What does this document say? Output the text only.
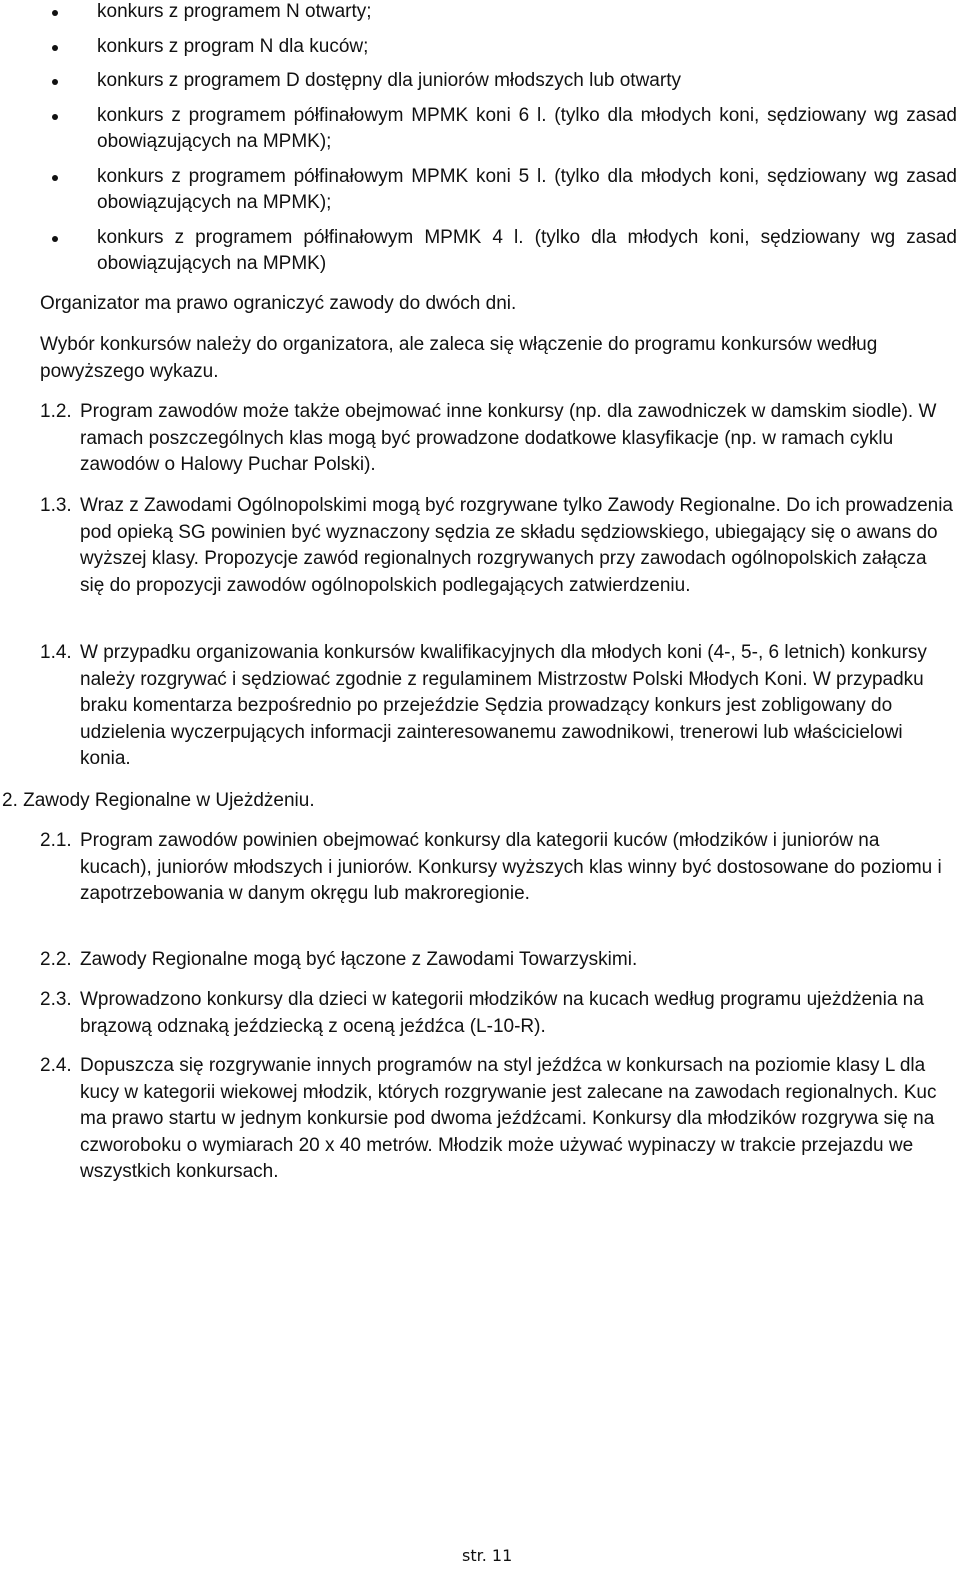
konkurs z programem N otwarty;
konkurs z program N dla kuców;
konkurs z programem D dostępny dla juniorów młodszych lub otwarty
konkurs z programem półfinałowym MPMK koni 6 l. (tylko dla młodych koni, sędziowany wg zasad obowiązujących na MPMK);
konkurs z programem półfinałowym MPMK koni 5 l. (tylko dla młodych koni, sędziowany wg zasad obowiązujących na MPMK);
konkurs z programem półfinałowym MPMK 4 l. (tylko dla młodych koni, sędziowany wg zasad obowiązujących na MPMK)
Organizator ma prawo ograniczyć zawody do dwóch dni.
Wybór konkursów należy do organizatora, ale zaleca się włączenie do programu konkursów według powyższego wykazu.
1.2. Program zawodów może także obejmować inne konkursy (np. dla zawodniczek w damskim siodle). W ramach poszczególnych klas mogą być prowadzone dodatkowe klasyfikacje (np. w ramach cyklu zawodów o Halowy Puchar Polski).
1.3. Wraz z Zawodami Ogólnopolskimi mogą być rozgrywane tylko Zawody Regionalne. Do ich prowadzenia pod opieką SG powinien być wyznaczony sędzia ze składu sędziowskiego, ubiegający się o awans do wyższej klasy. Propozycje zawód regionalnych rozgrywanych przy zawodach ogólnopolskich załącza się do propozycji zawodów ogólnopolskich podlegających zatwierdzeniu.
1.4. W przypadku organizowania konkursów kwalifikacyjnych dla młodych koni (4-, 5-, 6 letnich) konkursy należy rozgrywać i sędziować zgodnie z regulaminem Mistrzostw Polski Młodych Koni. W przypadku braku komentarza bezpośrednio po przejeździe Sędzia prowadzący konkurs jest zobligowany do udzielenia wyczerpujących informacji zainteresowanemu zawodnikowi, trenerowi lub właścicielowi konia.
2. Zawody Regionalne w Ujeżdżeniu.
2.1. Program zawodów powinien obejmować konkursy dla kategorii kuców (młodzików i juniorów na kucach), juniorów młodszych i juniorów. Konkursy wyższych klas winny być dostosowane do poziomu i zapotrzebowania w danym okręgu lub makroregionie.
2.2. Zawody Regionalne mogą być łączone z Zawodami Towarzyskimi.
2.3. Wprowadzono konkursy dla dzieci w kategorii młodzików na kucach według programu ujeżdżenia na brązową odznaką jeździecką z oceną jeźdźca (L-10-R).
2.4. Dopuszcza się rozgrywanie innych programów na styl jeźdźca w konkursach na poziomie klasy L dla kucy w kategorii wiekowej młodzik, których rozgrywanie jest zalecane na zawodach regionalnych. Kuc ma prawo startu w jednym konkursie pod dwoma jeźdźcami. Konkursy dla młodzików rozgrywa się na czworoboku o wymiarach 20 x 40 metrów. Młodzik może używać wypinaczy w trakcie przejazdu we wszystkich konkursach.
str. 11
